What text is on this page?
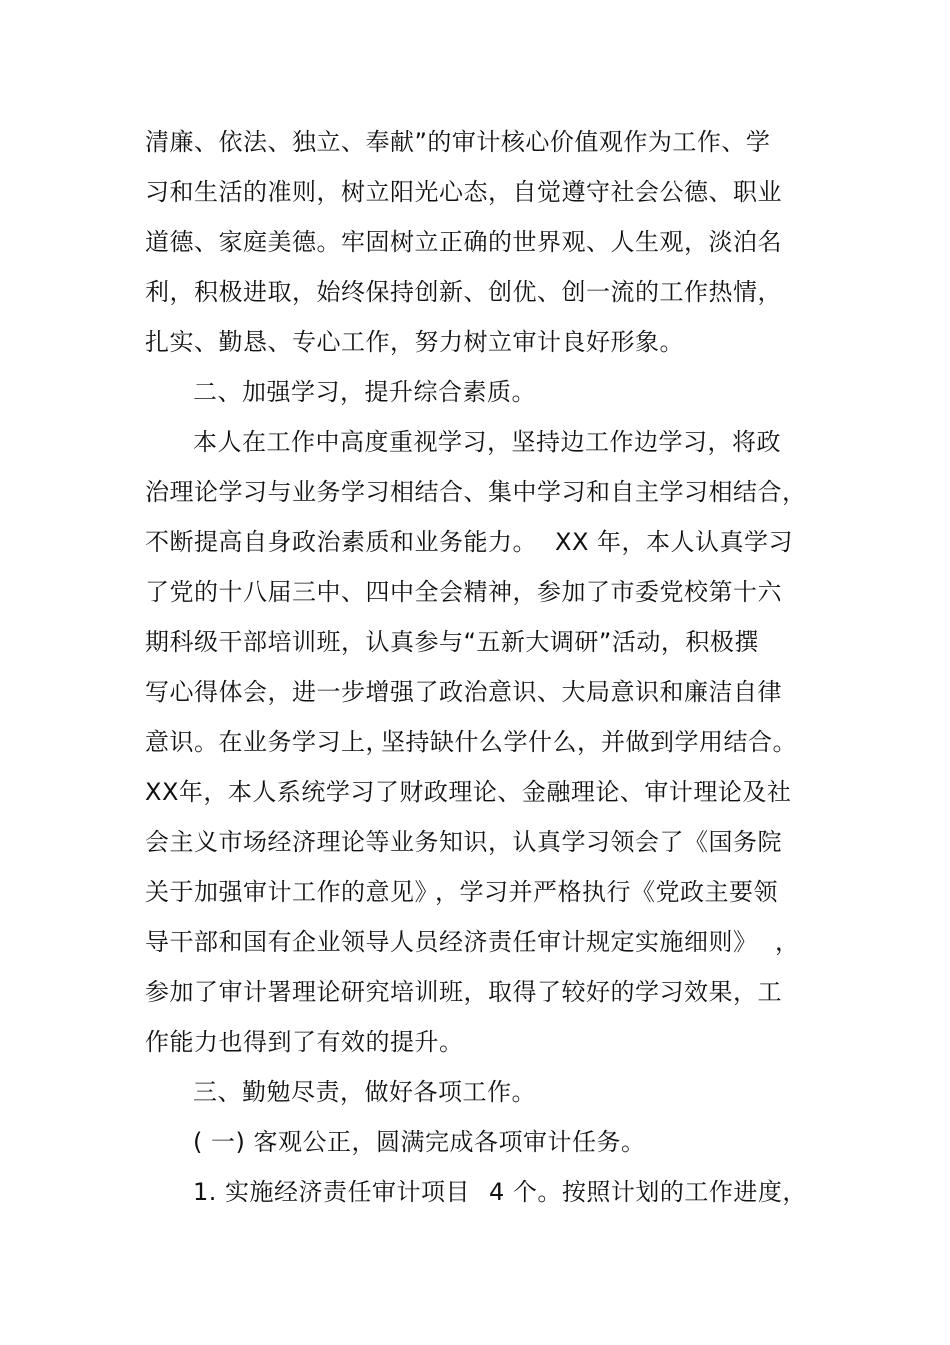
清廉、依法、独立、奉献”的审计核心价值观作为工作、学
习和生活的准则，树立阳光心态，自觉遵守社会公德、职业
道德、家庭美德。牢固树立正确的世界观、人生观，淡泊名
利，积极进取，始终保持创新、创优、创一流的工作热情，
扎实、勤恳、专心工作，努力树立审计良好形象。
二、加强学习，提升综合素质。
本人在工作中高度重视学习，坚持边工作边学习，将政
治理论学习与业务学习相结合、集中学习和自主学习相结合，
不断提高自身政治素质和业务能力。 XX 年，本人认真学习
了党的十八届三中、四中全会精神，参加了市委党校第十六
期科级干部培训班，认真参与“五新大调研”活动，积极撰
写心得体会，进一步增强了政治意识、大局意识和廉洁自律
意识。在业务学习上，
坚持缺什么学什么， 并做到学用结合。
XX年，本人系统学习了财政理论、金融理论、审计理论及社
会主义市场经济理论等业务知识，认真学习领会了《国务院
关于加强审计工作的意见》
，学习并严格执行《党政主要领
导干部和国有企业领导人员经济责任审计规定实施细则》 ，
参加了审计署理论研究培训班，取得了较好的学习效果，工
作能力也得到了有效的提升。
三、勤勉尽责，做好各项工作。
( 一) 客观公正，圆满完成各项审计任务。
1. 实施经济责任审计项目 4 个。按照计划的工作进度，
